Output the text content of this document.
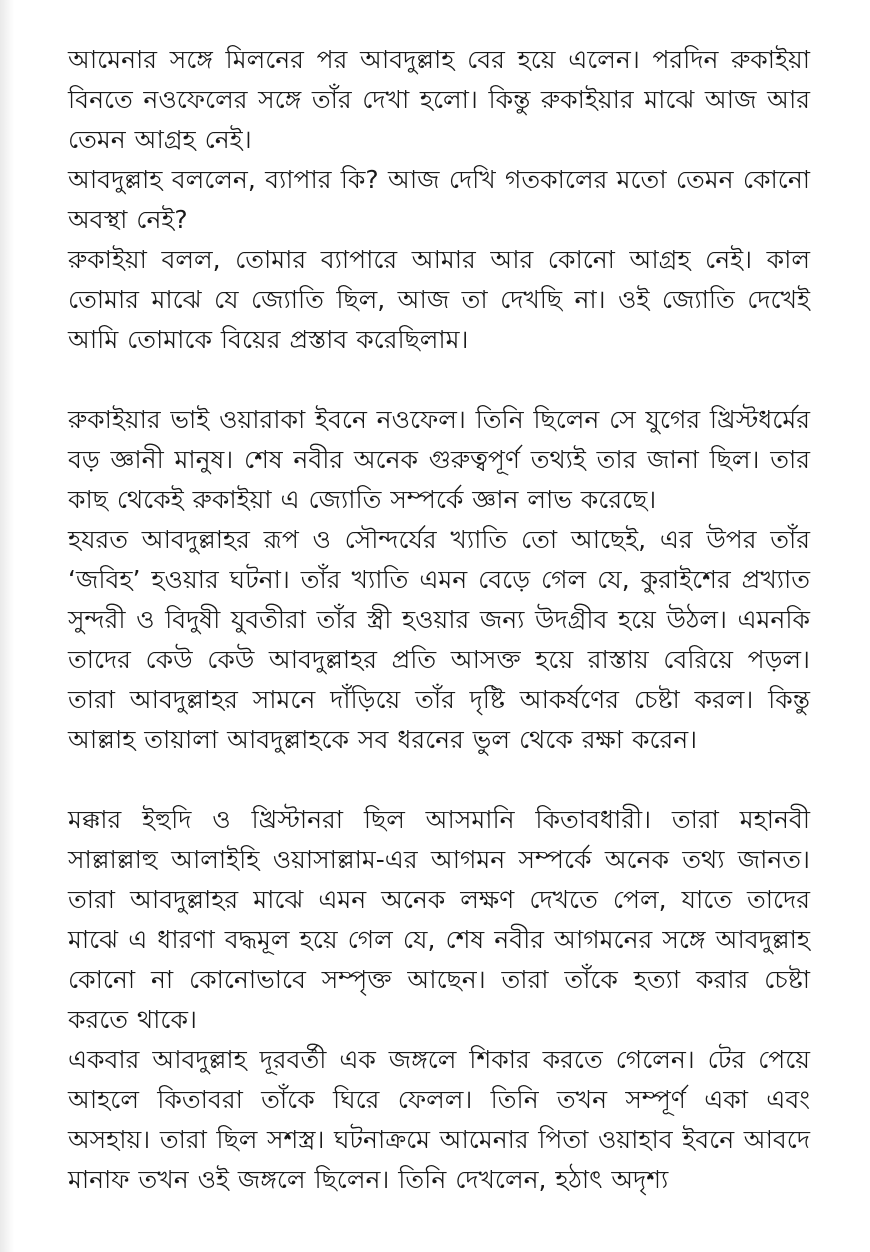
আমেনার সঙ্গে মিলনের পর আবদুল্লাহ বের হয়ে এলেন। পরদিন রুকাইয়া বিনতে নওফেলের সঙ্গে তাঁর দেখা হলো। কিন্তু রুকাইয়ার মাঝে আজ আর তেমন আগ্রহ নেই।

আবদুল্লাহ বললেন, ব্যাপার কি? আজ দেখি গতকালের মতো তেমন কোনো অবস্থা নেই?

রুকাইয়া বলল, তোমার ব্যাপারে আমার আর কোনো আগ্রহ নেই। কাল তোমার মাঝে যে জ্যোতি ছিল, আজ তা দেখছি না। ওই জ্যোতি দেখেই আমি তোমাকে বিয়ের প্রস্তাব করেছিলাম।

রুকাইয়ার ভাই ওয়ারাকা ইবনে নওফেল। তিনি ছিলেন সে যুগের খ্রিস্টধর্মের বড় জ্ঞানী মানুষ। শেষ নবীর অনেক গুরুত্বপূর্ণ তথ্যই তার জানা ছিল। তার কাছ থেকেই রুকাইয়া এ জ্যোতি সম্পর্কে জ্ঞান লাভ করেছে।

হযরত আবদুল্লাহর রূপ ও সৌন্দর্যের খ্যাতি তো আছেই, এর উপর তাঁর ‘জবিহ’ হওয়ার ঘটনা। তাঁর খ্যাতি এমন বেড়ে গেল যে, কুরাইশের প্রখ্যাত সুন্দরী ও বিদুষী যুবতীরা তাঁর স্ত্রী হওয়ার জন্য উদগ্রীব হয়ে উঠল। এমনকি তাদের কেউ কেউ আবদুল্লাহর প্রতি আসক্ত হয়ে রাস্তায় বেরিয়ে পড়ল। তারা আবদুল্লাহর সামনে দাঁড়িয়ে তাঁর দৃষ্টি আকর্ষণের চেষ্টা করল। কিন্তু আল্লাহ তায়ালা আবদুল্লাহকে সব ধরনের ভুল থেকে রক্ষা করেন।

মক্কার ইহুদি ও খ্রিস্টানরা ছিল আসমানি কিতাবধারী। তারা মহানবী সাল্লাল্লাহু আলাইহি ওয়াসাল্লাম-এর আগমন সম্পর্কে অনেক তথ্য জানত। তারা আবদুল্লাহর মাঝে এমন অনেক লক্ষণ দেখতে পেল, যাতে তাদের মাঝে এ ধারণা বদ্ধমূল হয়ে গেল যে, শেষ নবীর আগমনের সঙ্গে আবদুল্লাহ কোনো না কোনোভাবে সম্পৃক্ত আছেন। তারা তাঁকে হত্যা করার চেষ্টা করতে থাকে।

একবার আবদুল্লাহ দূরবর্তী এক জঙ্গলে শিকার করতে গেলেন। টের পেয়ে আহলে কিতাবরা তাঁকে ঘিরে ফেলল। তিনি তখন সম্পূর্ণ একা এবং অসহায়। তারা ছিল সশস্ত্র। ঘটনাক্রমে আমেনার পিতা ওয়াহাব ইবনে আবদে মানাফ তখন ওই জঙ্গলে ছিলেন। তিনি দেখলেন, হঠাৎ অদৃশ্য
